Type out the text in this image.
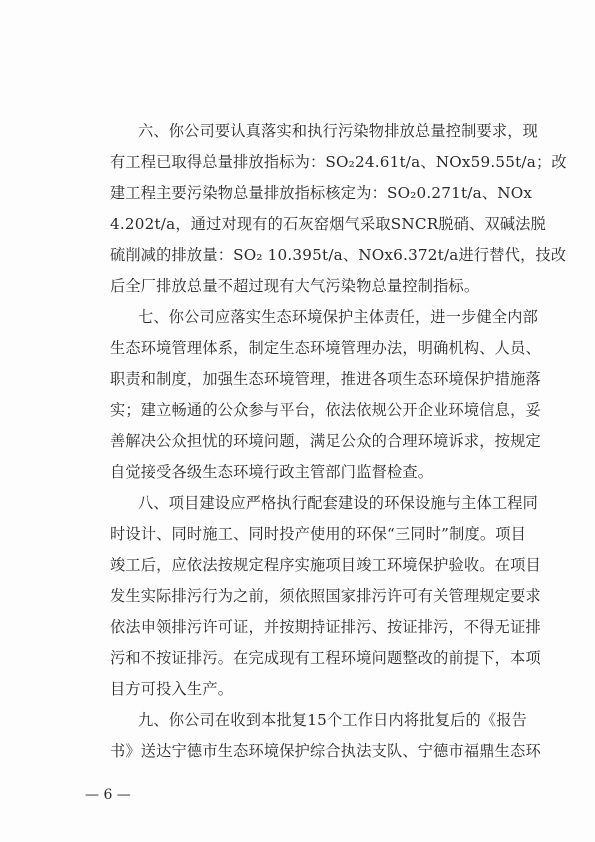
六、你公司要认真落实和执行污染物排放总量控制要求，现
有工程已取得总量排放指标为：SO₂24.61t/a、NOx59.55t/a；改
建工程主要污染物总量排放指标核定为：SO₂0.271t/a、NOx
4.202t/a，通过对现有的石灰窑烟气采取SNCR脱硝、双碱法脱
硫削减的排放量：SO₂ 10.395t/a、NOx6.372t/a进行替代，技改
后全厂排放总量不超过现有大气污染物总量控制指标。
七、你公司应落实生态环境保护主体责任，进一步健全内部
生态环境管理体系，制定生态环境管理办法，明确机构、人员、
职责和制度，加强生态环境管理，推进各项生态环境保护措施落
实；建立畅通的公众参与平台，依法依规公开企业环境信息，妥
善解决公众担忧的环境问题，满足公众的合理环境诉求，按规定
自觉接受各级生态环境行政主管部门监督检查。
八、项目建设应严格执行配套建设的环保设施与主体工程同
时设计、同时施工、同时投产使用的环保“三同时”制度。项目
竣工后，应依法按规定程序实施项目竣工环境保护验收。在项目
发生实际排污行为之前，须依照国家排污许可有关管理规定要求
依法申领排污许可证，并按期持证排污、按证排污，不得无证排
污和不按证排污。在完成现有工程环境问题整改的前提下，本项
目方可投入生产。
九、你公司在收到本批复15个工作日内将批复后的《报告
书》送达宁德市生态环境保护综合执法支队、宁德市福鼎生态环
— 6 —
